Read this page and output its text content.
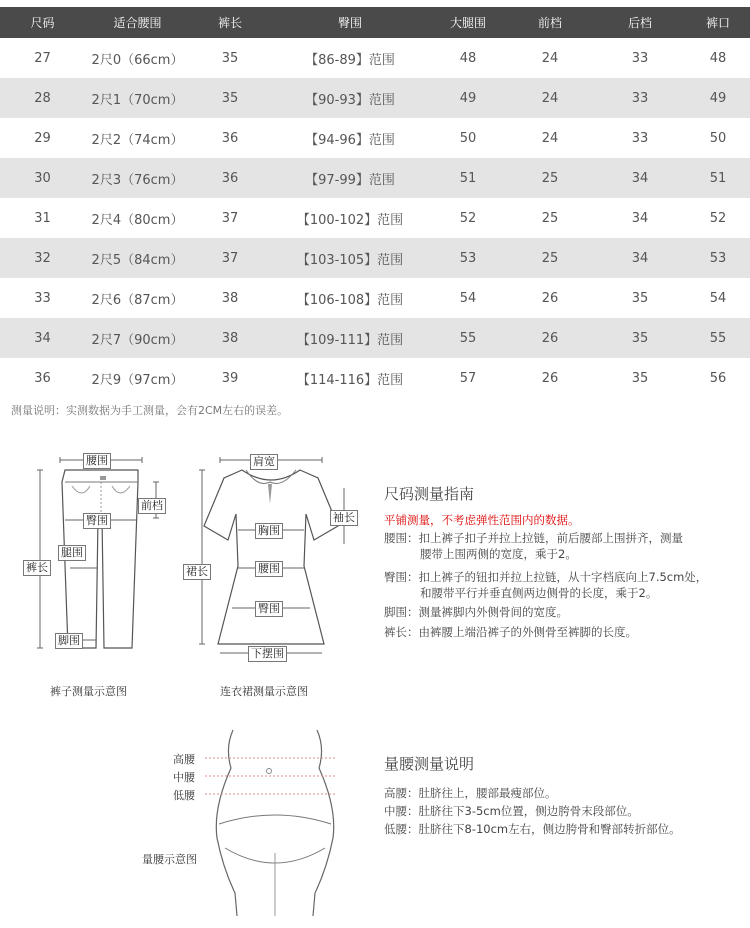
尺码	适合腰围	裤长	臀围	大腿围	前档	后档	裤口
27	2尺0（66cm）	35	【86-89】范围	48	24	33	48
28	2尺1（70cm）	35	【90-93】范围	49	24	33	49
29	2尺2（74cm）	36	【94-96】范围	50	24	33	50
30	2尺3（76cm）	36	【97-99】范围	51	25	34	51
31	2尺4（80cm）	37	【100-102】范围	52	25	34	52
32	2尺5（84cm）	37	【103-105】范围	53	25	34	53
33	2尺6（87cm）	38	【106-108】范围	54	26	35	54
34	2尺7（90cm）	38	【109-111】范围	55	26	35	55
36	2尺9（97cm）	39	【114-116】范围	57	26	35	56
测量说明：实测数据为手工测量，会有2CM左右的误差。
腰围
前档
臀围
腿围
裤长
脚围
裤子测量示意图
肩宽
袖长
胸围
裙长	腰围
臀围
下摆围
连衣裙测量示意图
尺码测量指南
平铺测量，不考虑弹性范围内的数据。
腰围：扣上裤子扣子并拉上拉链，前后腰部上围拼齐，测量
腰带上围两侧的宽度，乘于2。
臀围：扣上裤子的钮扣并拉上拉链，从十字档底向上7.5cm处，
和腰带平行并垂直侧两边侧骨的长度，乘于2。
脚围：测量裤脚内外侧骨间的宽度。
裤长：由裤腰上端沿裤子的外侧骨至裤脚的长度。
高腰
中腰
低腰
量腰示意图
量腰测量说明
高腰：肚脐往上，腰部最瘦部位。
中腰：肚脐往下3-5cm位置，侧边胯骨末段部位。
低腰：肚脐往下8-10cm左右，侧边胯骨和臀部转折部位。
